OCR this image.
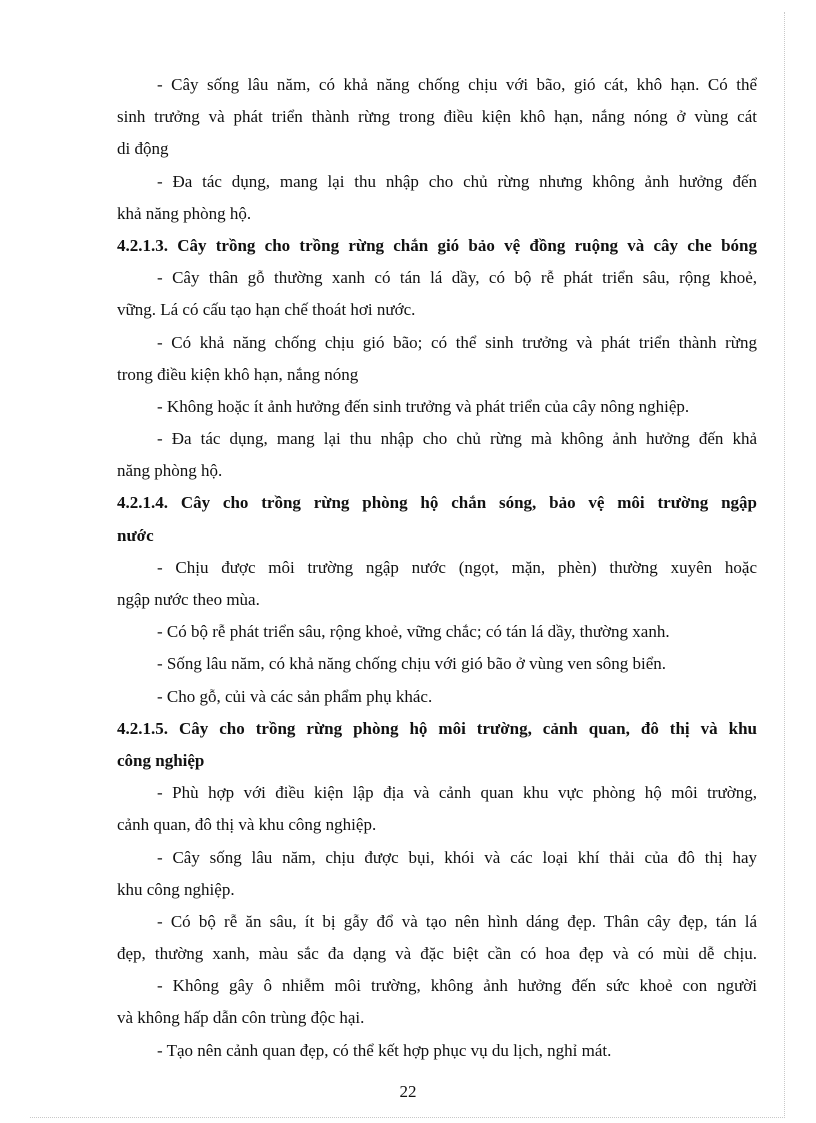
- Cây sống lâu năm, có khả năng chống chịu với bão, gió cát, khô hạn. Có thể

sinh trưởng và phát triển thành rừng trong điều kiện khô hạn, nắng nóng ở vùng cát

di động

- Đa tác dụng, mang lại thu nhập cho chủ rừng nhưng không ảnh hưởng đến

khả năng phòng hộ.

4.2.1.3. Cây trồng cho trồng rừng chắn gió bảo vệ đồng ruộng và cây che bóng

- Cây thân gỗ thường xanh có tán lá dầy, có bộ rễ phát triển sâu, rộng khoẻ,

vững. Lá có cấu tạo hạn chế thoát hơi nước.

- Có khả năng chống chịu gió bão; có thể sinh trưởng và phát triển thành rừng

trong điều kiện khô hạn, nắng nóng

- Không hoặc ít ảnh hưởng đến sinh trưởng và phát triển của cây nông nghiệp.

- Đa tác dụng, mang lại thu nhập cho chủ rừng mà không ảnh hưởng đến khả

năng phòng hộ.

4.2.1.4. Cây cho trồng rừng phòng hộ chắn sóng, bảo vệ môi trường ngập

nước

- Chịu được môi trường ngập nước (ngọt, mặn, phèn) thường xuyên hoặc

ngập nước theo mùa.

- Có bộ rễ phát triển sâu, rộng khoẻ, vững chắc; có tán lá dầy, thường xanh.

- Sống lâu năm, có khả năng chống chịu với gió bão ở vùng ven sông biển.

- Cho gỗ, củi và các sản phẩm phụ khác.

4.2.1.5. Cây cho trồng rừng phòng hộ môi trường, cảnh quan, đô thị và khu

công nghiệp

- Phù hợp với điều kiện lập địa và cảnh quan khu vực phòng hộ môi trường,

cảnh quan, đô thị và khu công nghiệp.

- Cây sống lâu năm, chịu được bụi, khói và các loại khí thải của đô thị hay

khu công nghiệp.

- Có bộ rễ ăn sâu, ít bị gẫy đổ và tạo nên hình dáng đẹp. Thân cây đẹp, tán lá

đẹp, thường xanh, màu sắc đa dạng và đặc biệt cần có hoa đẹp và có mùi dễ chịu.

- Không gây ô nhiễm môi trường, không ảnh hưởng đến sức khoẻ con người

và không hấp dẫn côn trùng độc hại.

- Tạo nên cảnh quan đẹp, có thể kết hợp phục vụ du lịch, nghỉ mát.

22
